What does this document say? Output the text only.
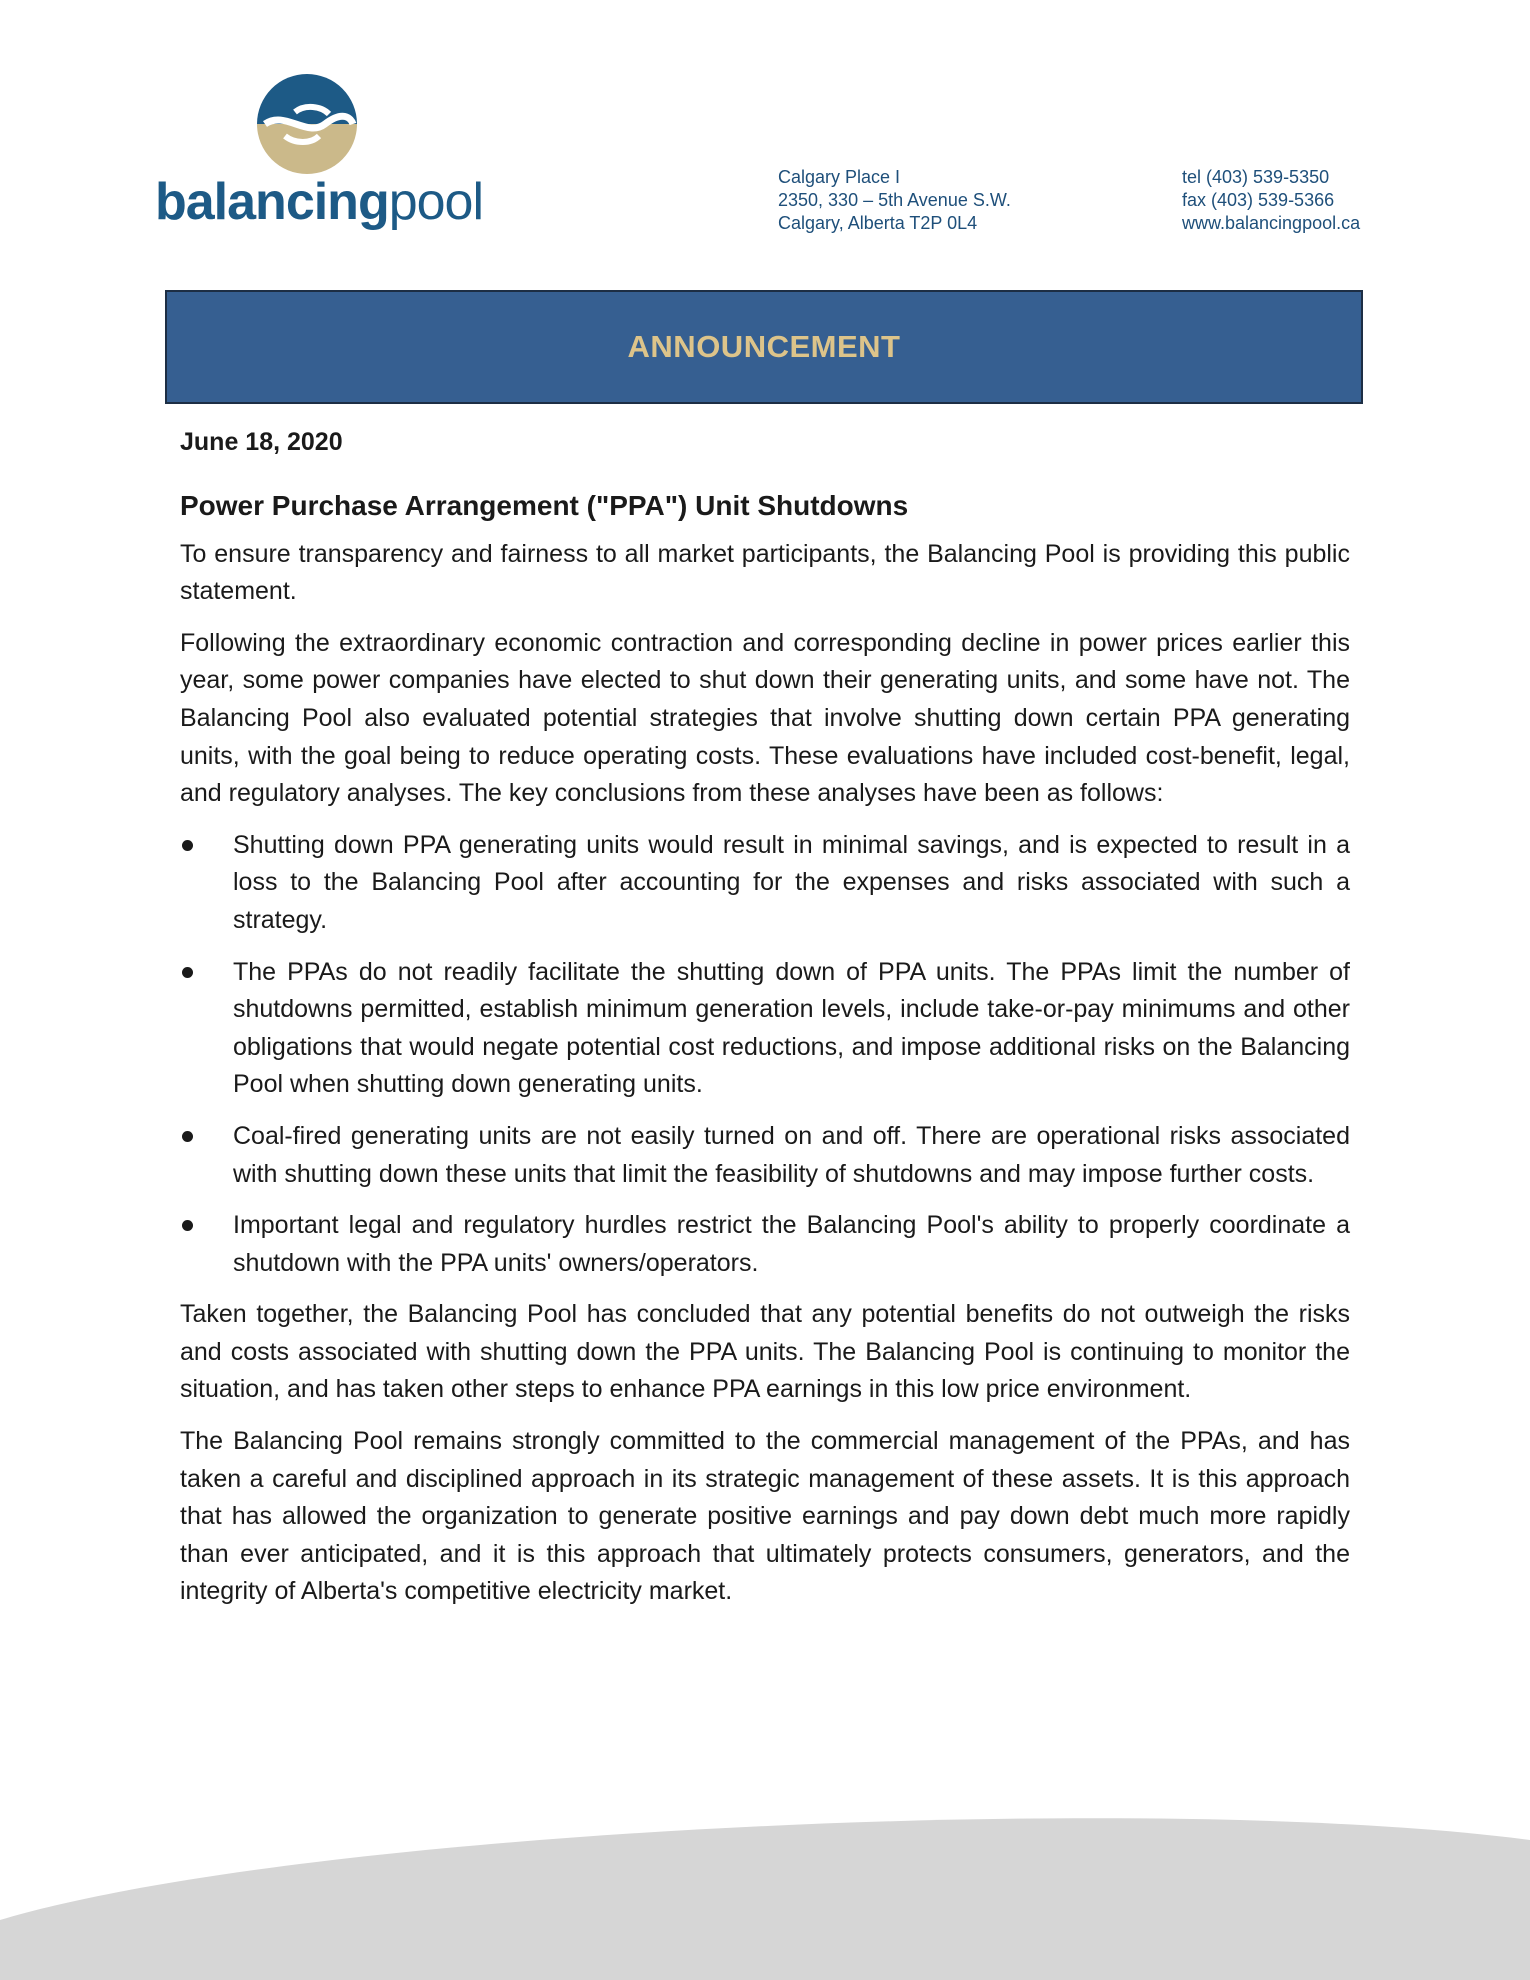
balancingpool	Calgary Place I
2350, 330 – 5th Avenue S.W.
Calgary, Alberta T2P 0L4
tel (403) 539-5350
fax (403) 539-5366
www.balancingpool.ca
ANNOUNCEMENT
June 18, 2020
Power Purchase Arrangement ("PPA") Unit Shutdowns

To ensure transparency and fairness to all market participants, the Balancing Pool is providing this public statement.

Following the extraordinary economic contraction and corresponding decline in power prices earlier this year, some power companies have elected to shut down their generating units, and some have not. The Balancing Pool also evaluated potential strategies that involve shutting down certain PPA generating units, with the goal being to reduce operating costs. These evaluations have included cost-benefit, legal, and regulatory analyses. The key conclusions from these analyses have been as follows:

Shutting down PPA generating units would result in minimal savings, and is expected to result in a loss to the Balancing Pool after accounting for the expenses and risks associated with such a strategy.
The PPAs do not readily facilitate the shutting down of PPA units. The PPAs limit the number of shutdowns permitted, establish minimum generation levels, include take-or-pay minimums and other obligations that would negate potential cost reductions, and impose additional risks on the Balancing Pool when shutting down generating units.
Coal-fired generating units are not easily turned on and off. There are operational risks associated with shutting down these units that limit the feasibility of shutdowns and may impose further costs.
Important legal and regulatory hurdles restrict the Balancing Pool's ability to properly coordinate a shutdown with the PPA units' owners/operators.

Taken together, the Balancing Pool has concluded that any potential benefits do not outweigh the risks and costs associated with shutting down the PPA units. The Balancing Pool is continuing to monitor the situation, and has taken other steps to enhance PPA earnings in this low price environment.

The Balancing Pool remains strongly committed to the commercial management of the PPAs, and has taken a careful and disciplined approach in its strategic management of these assets. It is this approach that has allowed the organization to generate positive earnings and pay down debt much more rapidly than ever anticipated, and it is this approach that ultimately protects consumers, generators, and the integrity of Alberta's competitive electricity market.
